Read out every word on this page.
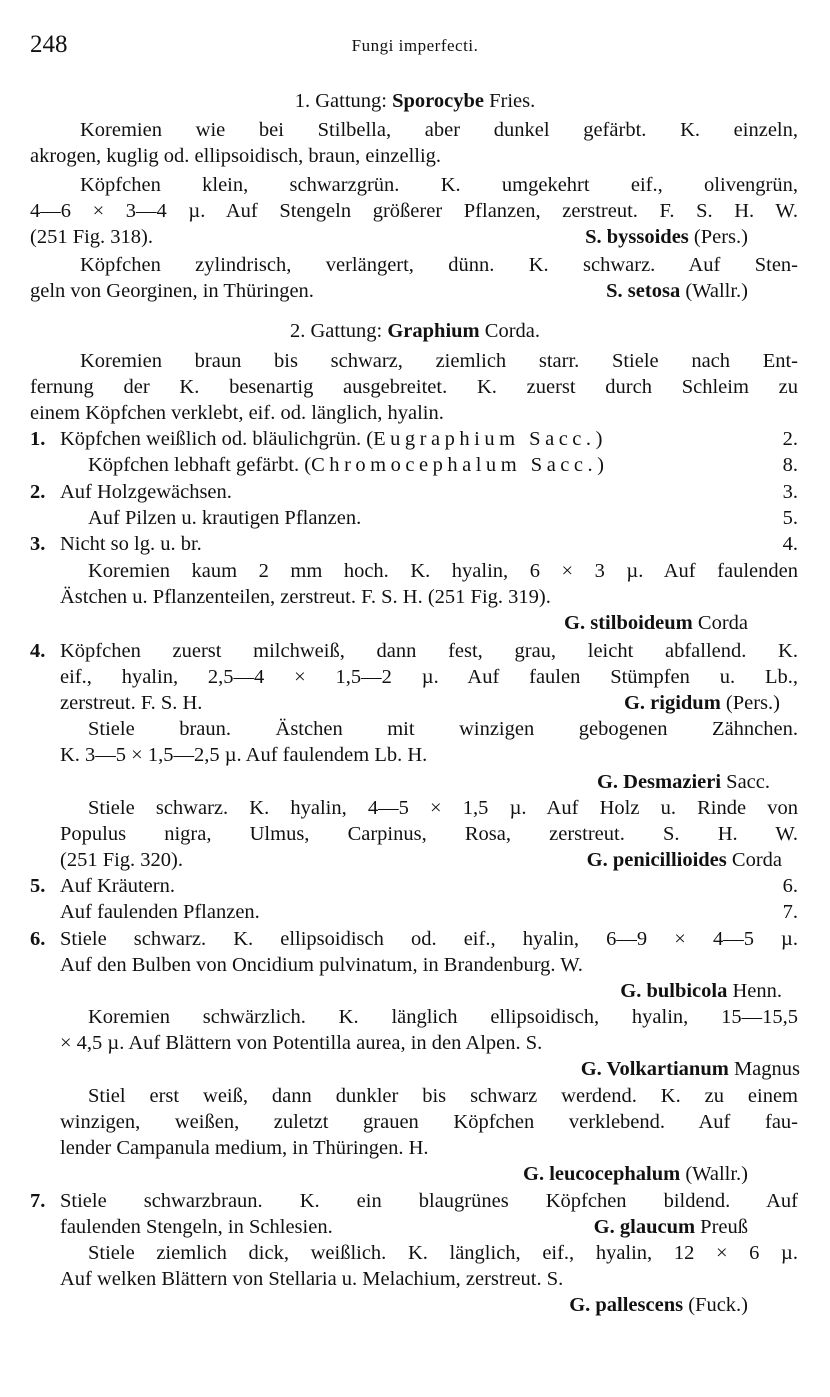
248	Fungi imperfecti.
1. Gattung: Sporocybe Fries.
Koremien wie bei Stilbella, aber dunkel gefärbt. K. einzeln,
akrogen, kuglig od. ellipsoidisch, braun, einzellig.
Köpfchen klein, schwarzgrün. K. umgekehrt eif., olivengrün,
4—6 × 3—4 µ. Auf Stengeln größerer Pflanzen, zerstreut. F. S. H. W.
(251 Fig. 318).	S. byssoides (Pers.)
Köpfchen zylindrisch, verlängert, dünn. K. schwarz. Auf Sten-
geln von Georginen, in Thüringen.	S. setosa (Wallr.)
2. Gattung: Graphium Corda.
Koremien braun bis schwarz, ziemlich starr. Stiele nach Ent-
fernung der K. besenartig ausgebreitet. K. zuerst durch Schleim zu
einem Köpfchen verklebt, eif. od. länglich, hyalin.
1. Köpfchen weißlich od. bläulichgrün. (Eugraphium Sacc.)	2.
Köpfchen lebhaft gefärbt. (Chromocephalum Sacc.)	8.
2. Auf Holzgewächsen.	3.
Auf Pilzen u. krautigen Pflanzen.	5.
3. Nicht so lg. u. br.	4.
Koremien kaum 2 mm hoch. K. hyalin, 6 × 3 µ. Auf faulenden
Ästchen u. Pflanzenteilen, zerstreut. F. S. H. (251 Fig. 319).
G. stilboideum Corda
4. Köpfchen zuerst milchweiß, dann fest, grau, leicht abfallend. K.
eif., hyalin, 2,5—4 × 1,5—2 µ. Auf faulen Stümpfen u. Lb.,
zerstreut. F. S. H.	G. rigidum (Pers.)
Stiele braun. Ästchen mit winzigen gebogenen Zähnchen.
K. 3—5 × 1,5—2,5 µ. Auf faulendem Lb. H.
G. Desmazieri Sacc.
Stiele schwarz. K. hyalin, 4—5 × 1,5 µ. Auf Holz u. Rinde von
Populus nigra, Ulmus, Carpinus, Rosa, zerstreut. S. H. W.
(251 Fig. 320).	G. penicillioides Corda
5. Auf Kräutern.	6.
Auf faulenden Pflanzen.	7.
6. Stiele schwarz. K. ellipsoidisch od. eif., hyalin, 6—9 × 4—5 µ.
Auf den Bulben von Oncidium pulvinatum, in Brandenburg. W.
G. bulbicola Henn.
Koremien schwärzlich. K. länglich ellipsoidisch, hyalin, 15—15,5
× 4,5 µ. Auf Blättern von Potentilla aurea, in den Alpen. S.
G. Volkartianum Magnus
Stiel erst weiß, dann dunkler bis schwarz werdend. K. zu einem
winzigen, weißen, zuletzt grauen Köpfchen verklebend. Auf fau-
lender Campanula medium, in Thüringen. H.
G. leucocephalum (Wallr.)
7. Stiele schwarzbraun. K. ein blaugrünes Köpfchen bildend. Auf
faulenden Stengeln, in Schlesien.	G. glaucum Preuß
Stiele ziemlich dick, weißlich. K. länglich, eif., hyalin, 12 × 6 µ.
Auf welken Blättern von Stellaria u. Melachium, zerstreut. S.
G. pallescens (Fuck.)
